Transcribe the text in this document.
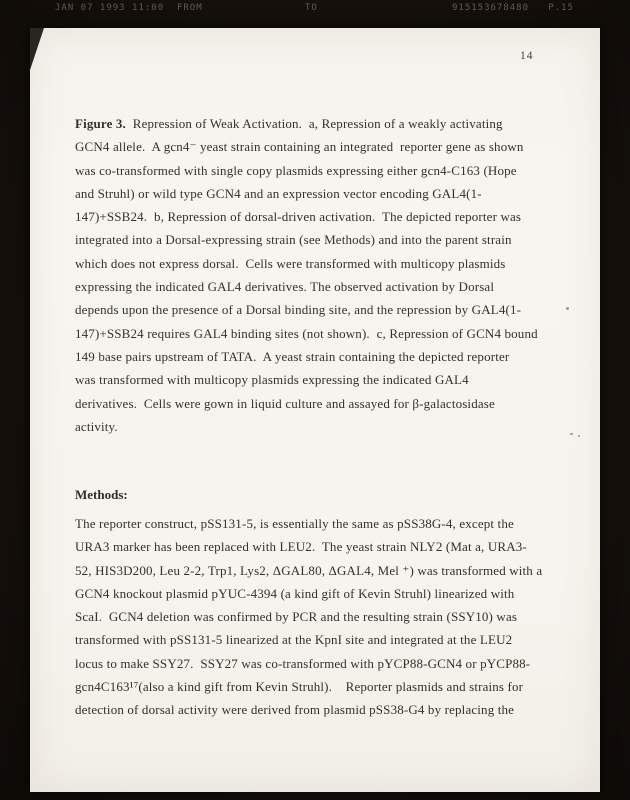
JAN 07 1993 11:00  FROM	TO	915153678480   P.15
14
Figure 3.  Repression of Weak Activation.  a, Repression of a weakly activating
GCN4 allele.  A gcn4⁻ yeast strain containing an integrated  reporter gene as shown
was co-transformed with single copy plasmids expressing either gcn4-C163 (Hope
and Struhl) or wild type GCN4 and an expression vector encoding GAL4(1-
147)+SSB24.  b, Repression of dorsal-driven activation.  The depicted reporter was
integrated into a Dorsal-expressing strain (see Methods) and into the parent strain
which does not express dorsal.  Cells were transformed with multicopy plasmids
expressing the indicated GAL4 derivatives. The observed activation by Dorsal
depends upon the presence of a Dorsal binding site, and the repression by GAL4(1-
147)+SSB24 requires GAL4 binding sites (not shown).  c, Repression of GCN4 bound
149 base pairs upstream of TATA.  A yeast strain containing the depicted reporter
was transformed with multicopy plasmids expressing the indicated GAL4
derivatives.  Cells were gown in liquid culture and assayed for β-galactosidase
activity.
Methods:
The reporter construct, pSS131-5, is essentially the same as pSS38G-4, except the
URA3 marker has been replaced with LEU2.  The yeast strain NLY2 (Mat a, URA3-
52, HIS3D200, Leu 2-2, Trp1, Lys2, ΔGAL80, ΔGAL4, Mel ⁺) was transformed with a
GCN4 knockout plasmid pYUC-4394 (a kind gift of Kevin Struhl) linearized with
ScaI.  GCN4 deletion was confirmed by PCR and the resulting strain (SSY10) was
transformed with pSS131-5 linearized at the KpnI site and integrated at the LEU2
locus to make SSY27.  SSY27 was co-transformed with pYCP88-GCN4 or pYCP88-
gcn4C163¹⁷(also a kind gift from Kevin Struhl).    Reporter plasmids and strains for
detection of dorsal activity were derived from plasmid pSS38-G4 by replacing the
